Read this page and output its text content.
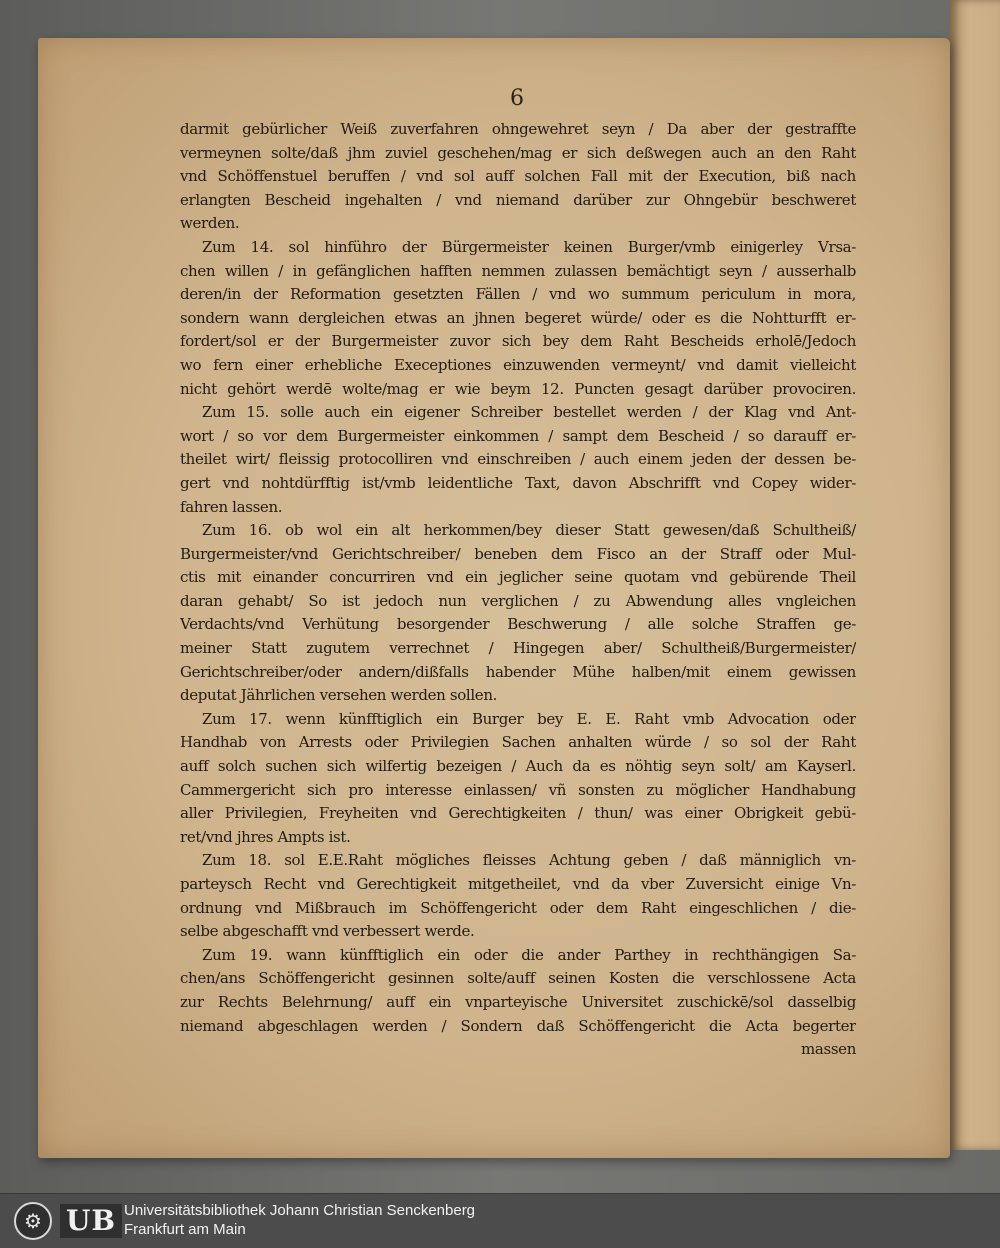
6
darmit gebürlicher Weiß zuverfahren ohngewehret seyn / Da aber der gestraffte
vermeynen solte/daß jhm zuviel geschehen/mag er sich deßwegen auch an den Raht
vnd Schöffenstuel beruffen / vnd sol auff solchen Fall mit der Execution, biß nach
erlangten Bescheid ingehalten / vnd niemand darüber zur Ohngebür beschweret
werden.
Zum 14. sol hinführo der Bürgermeister keinen Burger/vmb einigerley Vrsa-
chen willen / in gefänglichen hafften nemmen zulassen bemächtigt seyn / ausserhalb
deren/in der Reformation gesetzten Fällen / vnd wo summum periculum in mora,
sondern wann dergleichen etwas an jhnen begeret würde/ oder es die Nohtturfft er-
fordert/sol er der Burgermeister zuvor sich bey dem Raht Bescheids erholē/Jedoch
wo fern einer erhebliche Execeptiones einzuwenden vermeynt/ vnd damit vielleicht
nicht gehört werdē wolte/mag er wie beym 12. Puncten gesagt darüber provociren.
Zum 15. solle auch ein eigener Schreiber bestellet werden / der Klag vnd Ant-
wort / so vor dem Burgermeister einkommen / sampt dem Bescheid / so darauff er-
theilet wirt/ fleissig protocolliren vnd einschreiben / auch einem jeden der dessen be-
gert vnd nohtdürfftig ist/vmb leidentliche Taxt, davon Abschrifft vnd Copey wider-
fahren lassen.
Zum 16. ob wol ein alt herkommen/bey dieser Statt gewesen/daß Schultheiß/
Burgermeister/vnd Gerichtschreiber/ beneben dem Fisco an der Straff oder Mul-
ctis mit einander concurriren vnd ein jeglicher seine quotam vnd gebürende Theil
daran gehabt/ So ist jedoch nun verglichen / zu Abwendung alles vngleichen
Verdachts/vnd Verhütung besorgender Beschwerung / alle solche Straffen ge-
meiner Statt zugutem verrechnet / Hingegen aber/ Schultheiß/Burgermeister/
Gerichtschreiber/oder andern/dißfalls habender Mühe halben/mit einem gewissen
deputat Jährlichen versehen werden sollen.
Zum 17. wenn künfftiglich ein Burger bey E. E. Raht vmb Advocation oder
Handhab von Arrests oder Privilegien Sachen anhalten würde / so sol der Raht
auff solch suchen sich wilfertig bezeigen / Auch da es nöhtig seyn solt/ am Kayserl.
Cammergericht sich pro interesse einlassen/ vñ sonsten zu möglicher Handhabung
aller Privilegien, Freyheiten vnd Gerechtigkeiten / thun/ was einer Obrigkeit gebü-
ret/vnd jhres Ampts ist.
Zum 18. sol E.E.Raht mögliches fleisses Achtung geben / daß männiglich vn-
parteysch Recht vnd Gerechtigkeit mitgetheilet, vnd da vber Zuversicht einige Vn-
ordnung vnd Mißbrauch im Schöffengericht oder dem Raht eingeschlichen / die-
selbe abgeschafft vnd verbessert werde.
Zum 19. wann künfftiglich ein oder die ander Parthey in rechthängigen Sa-
chen/ans Schöffengericht gesinnen solte/auff seinen Kosten die verschlossene Acta
zur Rechts Belehrnung/ auff ein vnparteyische Universitet zuschickē/sol dasselbig
niemand abgeschlagen werden / Sondern daß Schöffengericht die Acta begerter
massen
⚙ UB Universitätsbibliothek Johann Christian Senckenberg
Frankfurt am Main
